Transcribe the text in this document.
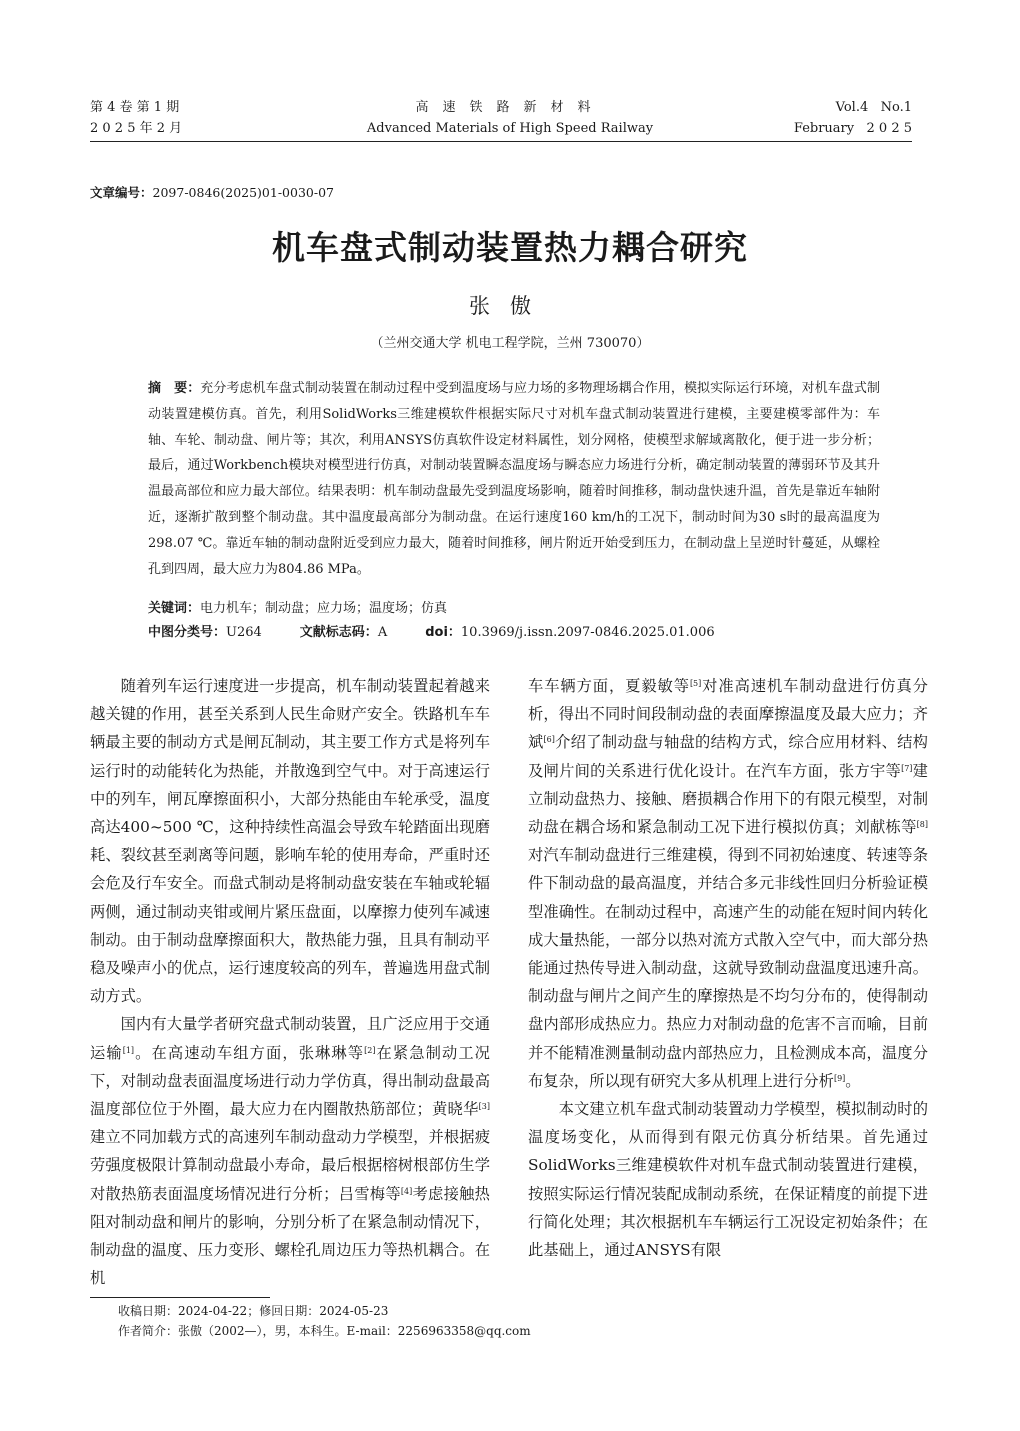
第 4 卷 第 1 期
2 0 2 5 年 2 月
高速铁路新材料
Advanced Materials of High Speed Railway
Vol.4   No.1
February   2 0 2 5
文章编号：2097-0846(2025)01-0030-07
机车盘式制动装置热力耦合研究
张傲
（兰州交通大学 机电工程学院，兰州 730070）
摘　要：充分考虑机车盘式制动装置在制动过程中受到温度场与应力场的多物理场耦合作用，模拟实际运行环境，对机车盘式制动装置建模仿真。首先，利用SolidWorks三维建模软件根据实际尺寸对机车盘式制动装置进行建模，主要建模零部件为：车轴、车轮、制动盘、闸片等；其次，利用ANSYS仿真软件设定材料属性，划分网格，使模型求解域离散化，便于进一步分析；最后，通过Workbench模块对模型进行仿真，对制动装置瞬态温度场与瞬态应力场进行分析，确定制动装置的薄弱环节及其升温最高部位和应力最大部位。结果表明：机车制动盘最先受到温度场影响，随着时间推移，制动盘快速升温，首先是靠近车轴附近，逐渐扩散到整个制动盘。其中温度最高部分为制动盘。在运行速度160 km/h的工况下，制动时间为30 s时的最高温度为298.07 ℃。靠近车轴的制动盘附近受到应力最大，随着时间推移，闸片附近开始受到压力，在制动盘上呈逆时针蔓延，从螺栓孔到四周，最大应力为804.86 MPa。
关键词：电力机车；制动盘；应力场；温度场；仿真
中图分类号：U264	文献标志码：A	doi：10.3969/j.issn.2097-0846.2025.01.006

随着列车运行速度进一步提高，机车制动装置起着越来越关键的作用，甚至关系到人民生命财产安全。铁路机车车辆最主要的制动方式是闸瓦制动，其主要工作方式是将列车运行时的动能转化为热能，并散逸到空气中。对于高速运行中的列车，闸瓦摩擦面积小，大部分热能由车轮承受，温度高达400~500 ℃，这种持续性高温会导致车轮踏面出现磨耗、裂纹甚至剥离等问题，影响车轮的使用寿命，严重时还会危及行车安全。而盘式制动是将制动盘安装在车轴或轮辐两侧，通过制动夹钳或闸片紧压盘面，以摩擦力使列车减速制动。由于制动盘摩擦面积大，散热能力强，且具有制动平稳及噪声小的优点，运行速度较高的列车，普遍选用盘式制动方式。

国内有大量学者研究盘式制动装置，且广泛应用于交通运输[1]。在高速动车组方面，张琳琳等[2]在紧急制动工况下，对制动盘表面温度场进行动力学仿真，得出制动盘最高温度部位位于外圈，最大应力在内圈散热筋部位；黄晓华[3]建立不同加载方式的高速列车制动盘动力学模型，并根据疲劳强度极限计算制动盘最小寿命，最后根据榕树根部仿生学对散热筋表面温度场情况进行分析；吕雪梅等[4]考虑接触热阻对制动盘和闸片的影响，分别分析了在紧急制动情况下，制动盘的温度、压力变形、螺栓孔周边压力等热机耦合。在机

车车辆方面，夏毅敏等[5]对准高速机车制动盘进行仿真分析，得出不同时间段制动盘的表面摩擦温度及最大应力；齐斌[6]介绍了制动盘与轴盘的结构方式，综合应用材料、结构及闸片间的关系进行优化设计。在汽车方面，张方宇等[7]建立制动盘热力、接触、磨损耦合作用下的有限元模型，对制动盘在耦合场和紧急制动工况下进行模拟仿真；刘献栋等[8]对汽车制动盘进行三维建模，得到不同初始速度、转速等条件下制动盘的最高温度，并结合多元非线性回归分析验证模型准确性。在制动过程中，高速产生的动能在短时间内转化成大量热能，一部分以热对流方式散入空气中，而大部分热能通过热传导进入制动盘，这就导致制动盘温度迅速升高。制动盘与闸片之间产生的摩擦热是不均匀分布的，使得制动盘内部形成热应力。热应力对制动盘的危害不言而喻，目前并不能精准测量制动盘内部热应力，且检测成本高，温度分布复杂，所以现有研究大多从机理上进行分析[9]。

本文建立机车盘式制动装置动力学模型，模拟制动时的温度场变化，从而得到有限元仿真分析结果。首先通过SolidWorks三维建模软件对机车盘式制动装置进行建模，按照实际运行情况装配成制动系统，在保证精度的前提下进行简化处理；其次根据机车车辆运行工况设定初始条件；在此基础上，通过ANSYS有限

收稿日期：2024-04-22；修回日期：2024-05-23
作者简介：张傲（2002—），男，本科生。E-mail：2256963358@qq.com
